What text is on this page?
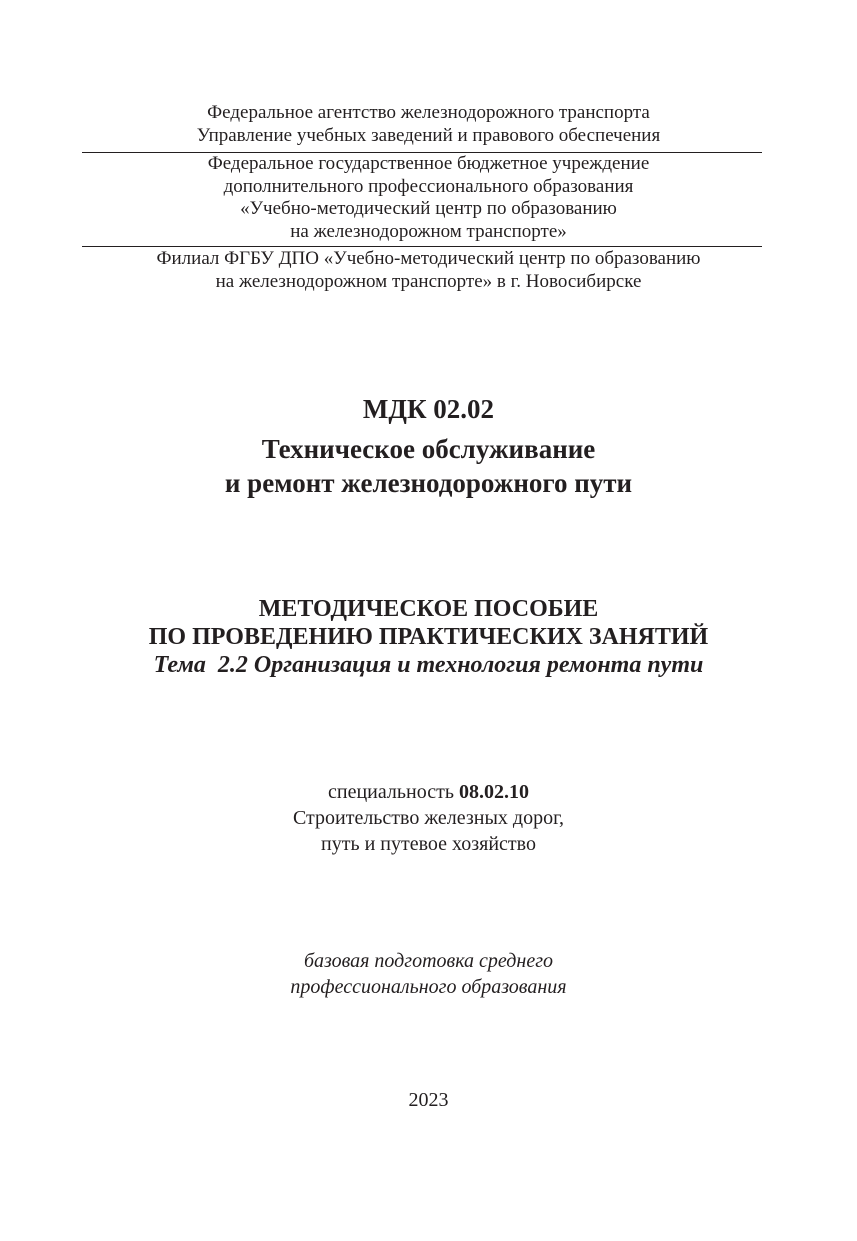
Федеральное агентство железнодорожного транспорта
Управление учебных заведений и правового обеспечения
Федеральное государственное бюджетное учреждение
дополнительного профессионального образования
«Учебно-методический центр по образованию
на железнодорожном транспорте»
Филиал ФГБУ ДПО «Учебно-методический центр по образованию
на железнодорожном транспорте» в г. Новосибирске
МДК 02.02
Техническое обслуживание
и ремонт железнодорожного пути
МЕТОДИЧЕСКОЕ ПОСОБИЕ
ПО ПРОВЕДЕНИЮ ПРАКТИЧЕСКИХ ЗАНЯТИЙ
Тема  2.2 Организация и технология ремонта пути
специальность 08.02.10
Строительство железных дорог,
путь и путевое хозяйство
базовая подготовка среднего
профессионального образования
2023
